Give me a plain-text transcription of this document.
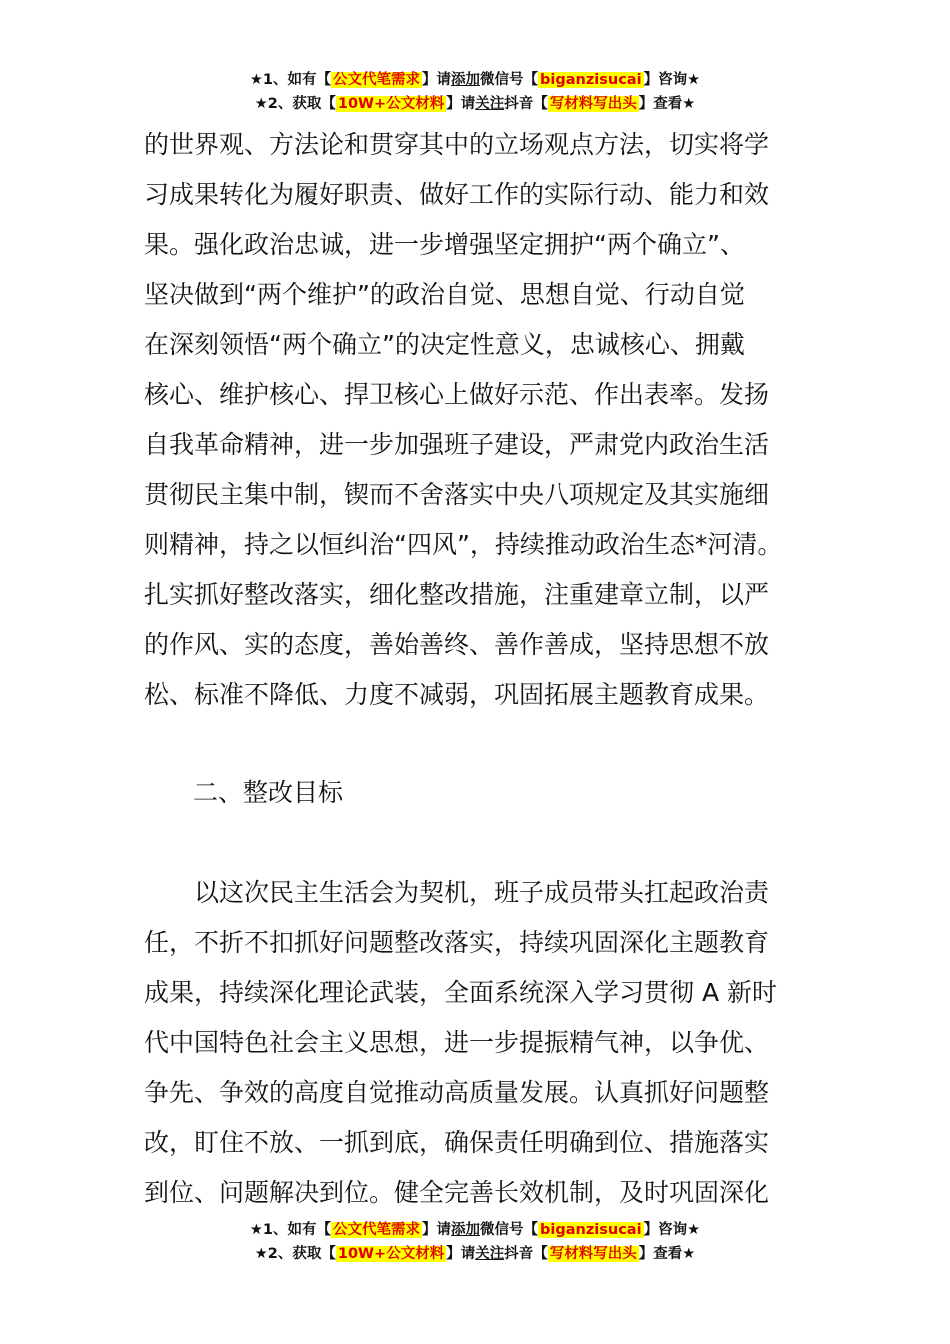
★1、如有【 公文代笔需求 】请添加微信号【 biganzisucai 】咨询★
★2、获取【 10W+公文材料 】请关注抖音【 写材料写出头 】查看★
的世界观、方法论和贯穿其中的立场观点方法，切实将学
习成果转化为履好职责、做好工作的实际行动、能力和效
果。强化政治忠诚，进一步增强坚定拥护“两个确立”、
坚决做到“两个维护”的政治自觉、思想自觉、行动自觉
在深刻领悟“两个确立”的决定性意义，忠诚核心、拥戴
核心、维护核心、捍卫核心上做好示范、作出表率。发扬
自我革命精神，进一步加强班子建设，严肃党内政治生活
贯彻民主集中制，锲而不舍落实中央八项规定及其实施细
则精神，持之以恒纠治“四风”，持续推动政治生态*河清。
扎实抓好整改落实，细化整改措施，注重建章立制，以严
的作风、实的态度，善始善终、善作善成，坚持思想不放
松、标准不降低、力度不减弱，巩固拓展主题教育成果。
二、整改目标
以这次民主生活会为契机，班子成员带头扛起政治责
任，不折不扣抓好问题整改落实，持续巩固深化主题教育
成果，持续深化理论武装，全面系统深入学习贯彻 A 新时
代中国特色社会主义思想，进一步提振精气神，以争优、
争先、争效的高度自觉推动高质量发展。认真抓好问题整
改，盯住不放、一抓到底，确保责任明确到位、措施落实
到位、问题解决到位。健全完善长效机制，及时巩固深化
★1、如有【 公文代笔需求 】请添加微信号【 biganzisucai 】咨询★
★2、获取【 10W+公文材料 】请关注抖音【 写材料写出头 】查看★
